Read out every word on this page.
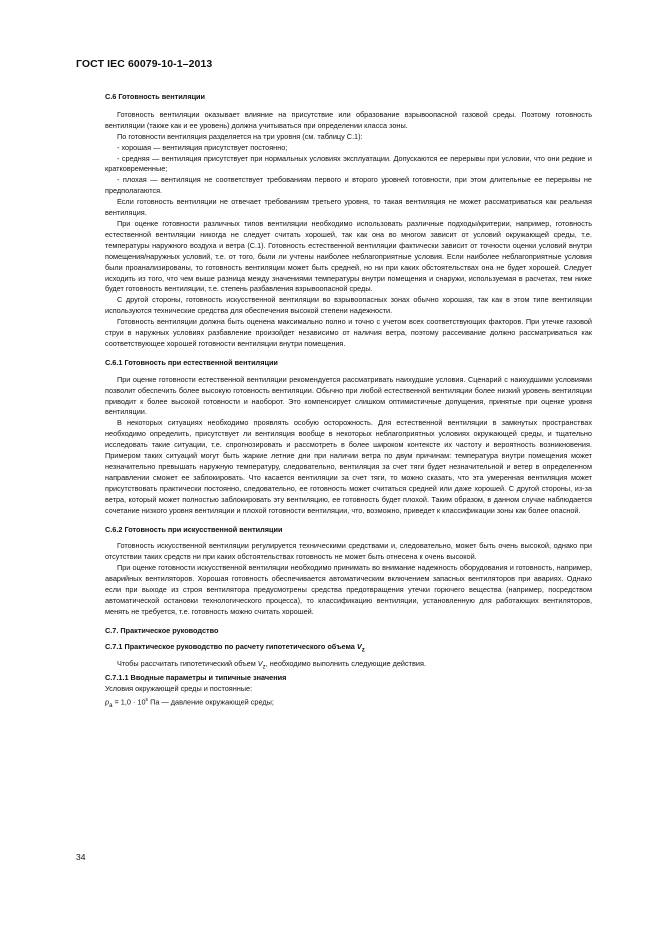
ГОСТ IEC 60079-10-1–2013

С.6 Готовность вентиляции

Готовность вентиляции оказывает влияние на присутствие или образование взрывоопасной газовой среды. Поэтому готовность вентиляции (также как и ее уровень) должна учитываться при определении класса зоны.

По готовности вентиляция разделяется на три уровня (см. таблицу С.1):

- хорошая — вентиляция присутствует постоянно;

- средняя — вентиляция присутствует при нормальных условиях эксплуатации. Допускаются ее перерывы при условии, что они редкие и кратковременные;

- плохая — вентиляция не соответствует требованиям первого и второго уровней готовности, при этом длительные ее перерывы не предполагаются.

Если готовность вентиляции не отвечает требованиям третьего уровня, то такая вентиляция не может рассматриваться как реальная вентиляция.

При оценке готовности различных типов вентиляции необходимо использовать различные подходы/критерии, например, готовность естественной вентиляции никогда не следует считать хорошей, так как она во многом зависит от условий окружающей среды, т.е. температуры наружного воздуха и ветра (С.1). Готовность естественной вентиляции фактически зависит от точности оценки условий внутри помещения/наружных условий, т.е. от того, были ли учтены наиболее неблагоприятные условия. Если наиболее неблагоприятные условия были проанализированы, то готовность вентиляции может быть средней, но ни при каких обстоятельствах она не будет хорошей. Следует исходить из того, что чем выше разница между значениями температуры внутри помещения и снаружи, используемая в расчетах, тем ниже будет готовность вентиляции, т.е. степень разбавления взрывоопасной среды.

С другой стороны, готовность искусственной вентиляции во взрывоопасных зонах обычно хорошая, так как в этом типе вентиляции используются технические средства для обеспечения высокой степени надежности.

Готовность вентиляции должна быть оценена максимально полно и точно с учетом всех соответствующих факторов. При утечке газовой струи в наружных условиях разбавление произойдет независимо от наличия ветра, поэтому рассеивание должно рассматриваться как соответствующее хорошей готовности вентиляции внутри помещения.

С.6.1 Готовность при естественной вентиляции

При оценке готовности естественной вентиляции рекомендуется рассматривать наихудшие условия. Сценарий с наихудшими условиями позволит обеспечить более высокую готовность вентиляции. Обычно при любой естественной вентиляции более низкий уровень вентиляции приводит к более высокой готовности и наоборот. Это компенсирует слишком оптимистичные допущения, принятые при оценке уровня вентиляции.

В некоторых ситуациях необходимо проявлять особую осторожность. Для естественной вентиляции в замкнутых пространствах необходимо определить, присутствует ли вентиляция вообще в некоторых неблагоприятных условиях окружающей среды, и тщательно исследовать такие ситуации, т.е. спрогнозировать и рассмотреть в более широком контексте их частоту и вероятность возникновения. Примером таких ситуаций могут быть жаркие летние дни при наличии ветра по двум причинам: температура внутри помещения может незначительно превышать наружную температуру, следовательно, вентиляция за счет тяги будет незначительной и ветер в определенном направлении сможет ее заблокировать. Что касается вентиляции за счет тяги, то можно сказать, что эта умеренная вентиляция может присутствовать практически постоянно, следовательно, ее готовность может считаться средней или даже хорошей. С другой стороны, из-за ветра, который может полностью заблокировать эту вентиляцию, ее готовность будет плохой. Таким образом, в данном случае наблюдается сочетание низкого уровня вентиляции и плохой готовности вентиляции, что, возможно, приведет к классификации зоны как более опасной.

С.6.2 Готовность при искусственной вентиляции

Готовность искусственной вентиляции регулируется техническими средствами и, следовательно, может быть очень высокой, однако при отсутствии таких средств ни при каких обстоятельствах готовность не может быть отнесена к очень высокой.

При оценке готовности искусственной вентиляции необходимо принимать во внимание надежность оборудования и готовность, например, аварийных вентиляторов. Хорошая готовность обеспечивается автоматическим включением запасных вентиляторов при авариях. Однако если при выходе из строя вентилятора предусмотрены средства предотвращения утечки горючего вещества (например, посредством автоматической остановки технологического процесса), то классификацию вентиляции, установленную для работающих вентиляторов, менять не требуется, т.е. готовность можно считать хорошей.

С.7. Практическое руководство

С.7.1 Практическое руководство по расчету гипотетического объема $V_z$

Чтобы рассчитать гипотетический объем $V_z$, необходимо выполнить следующие действия.

С.7.1.1 Вводные параметры и типичные значения

Условия окружающей среды и постоянные:

$p_a = 1,0 \cdot 10^5$ Па — давление окружающей среды;

34
